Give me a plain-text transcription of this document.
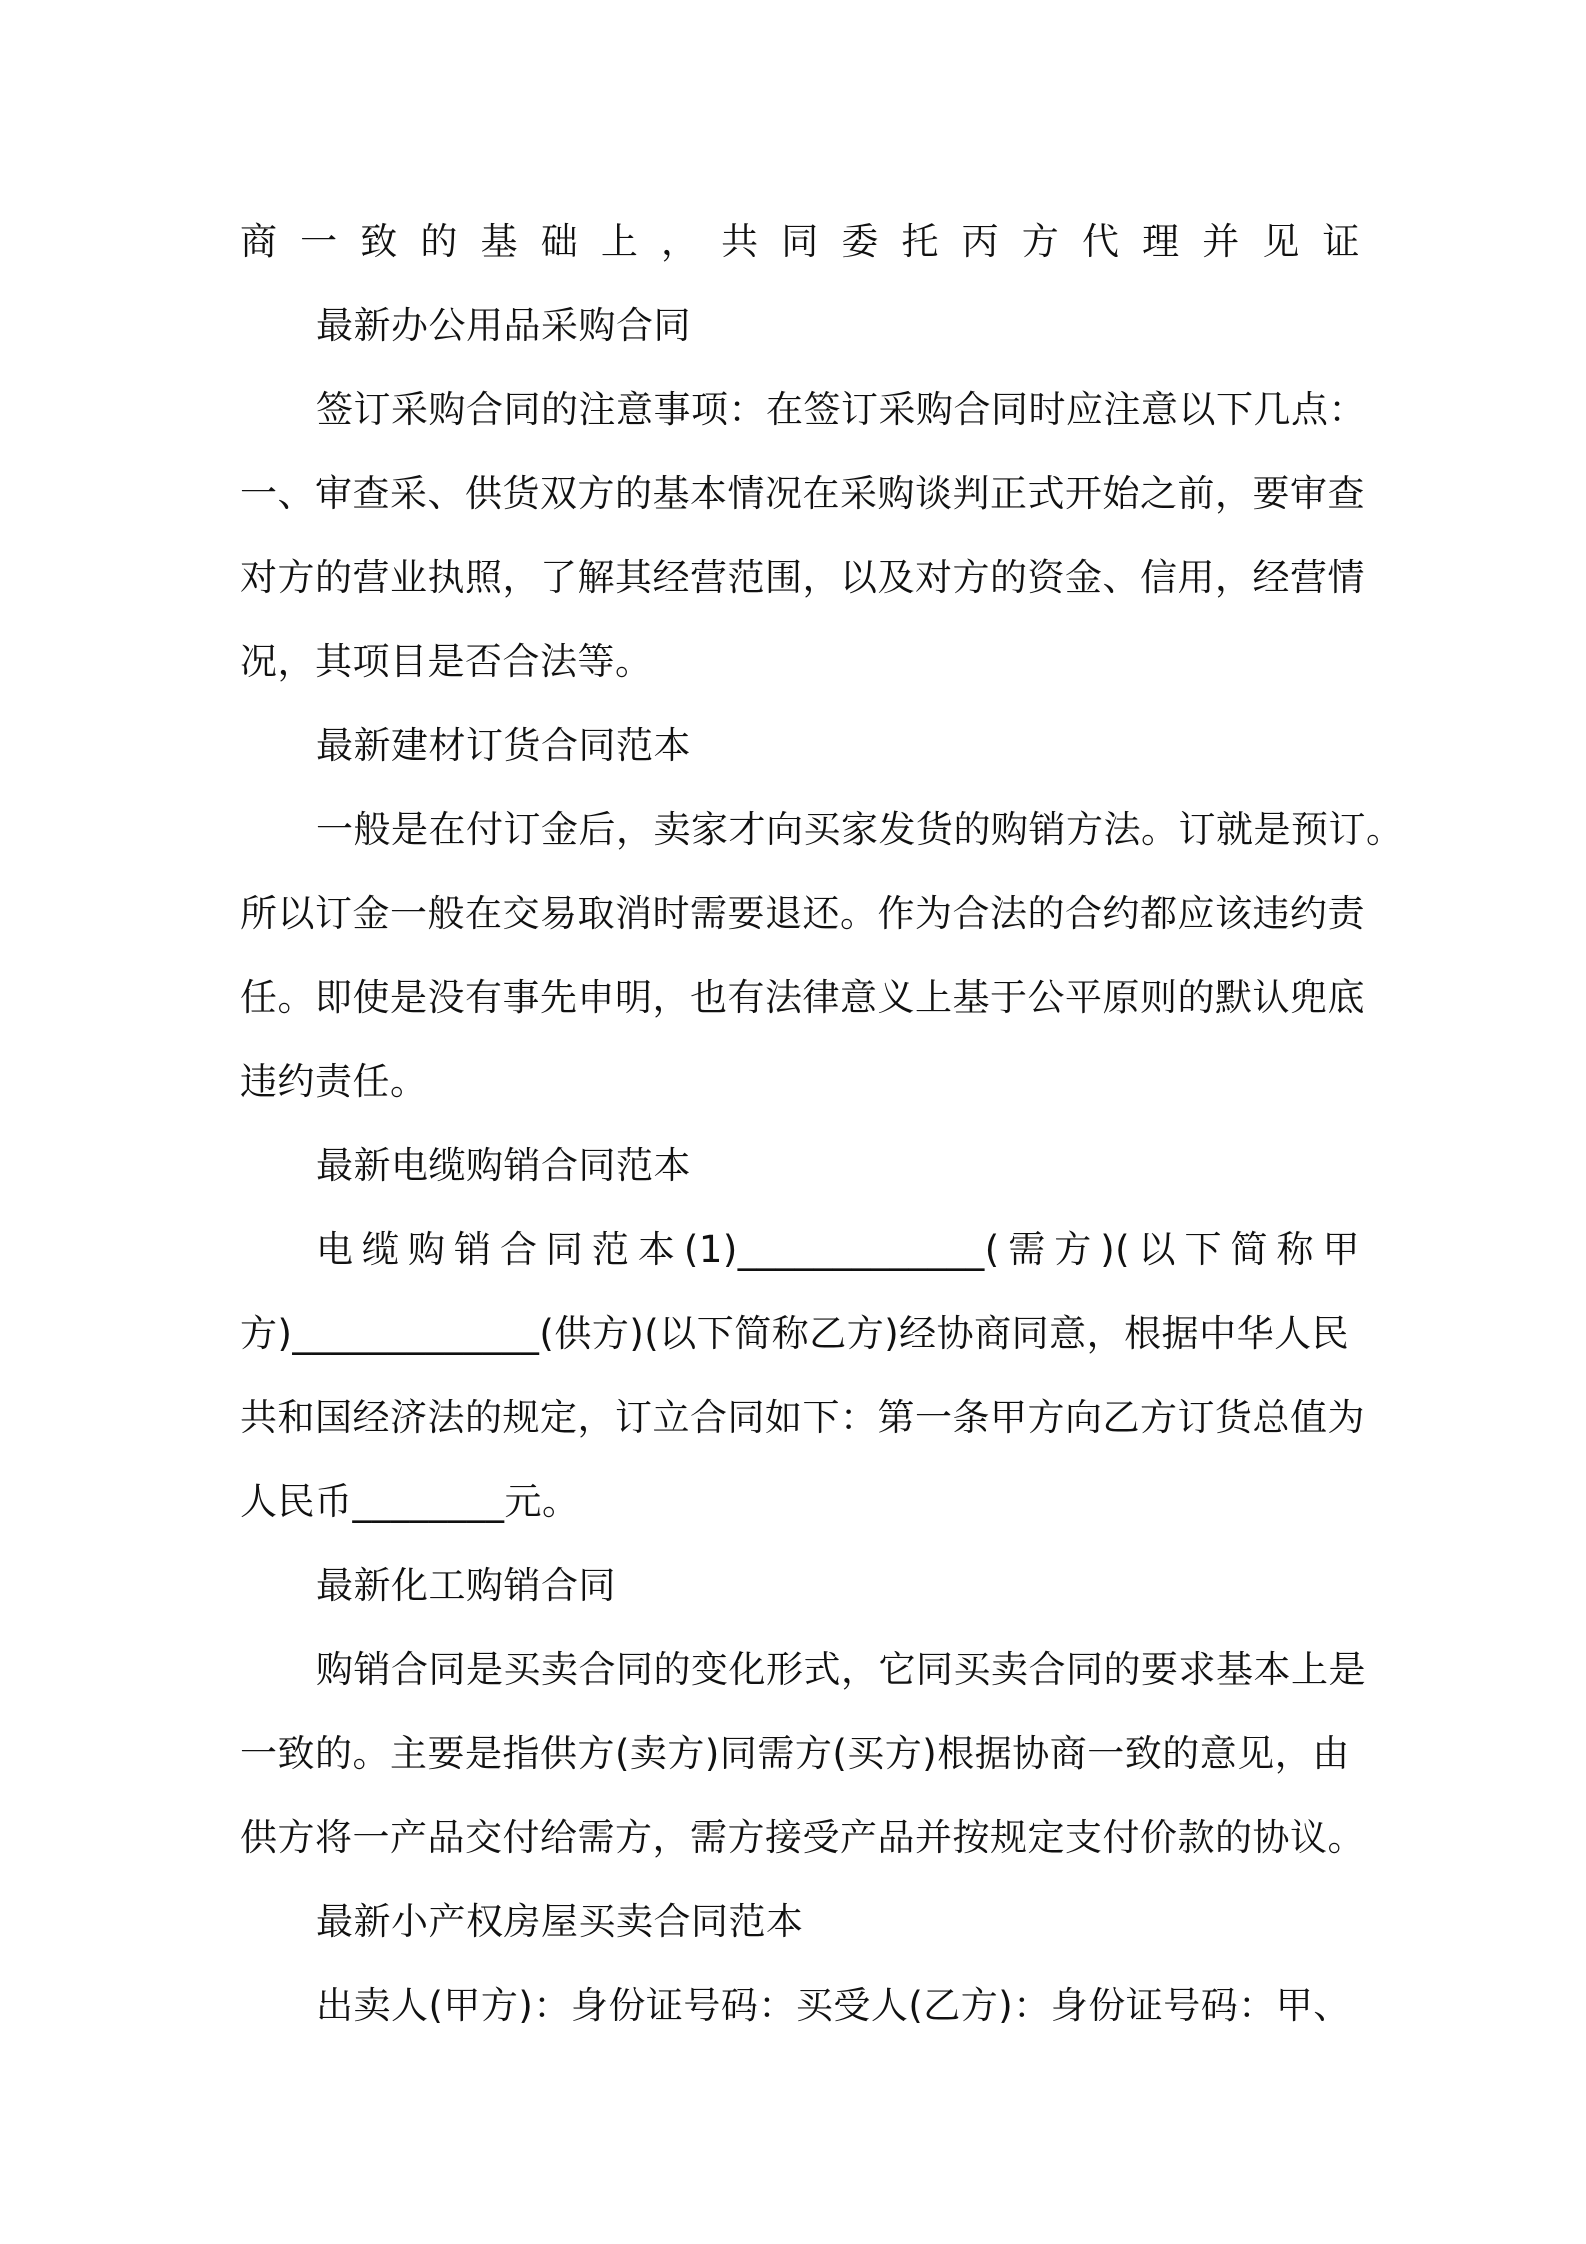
商一致的基础上，共同委托丙方代理并见证
最新办公用品采购合同
签订采购合同的注意事项：在签订采购合同时应注意以下几点：
一、审查采、供货双方的基本情况在采购谈判正式开始之前，要审查
对方的营业执照，了解其经营范围，以及对方的资金、信用，经营情
况，其项目是否合法等。
最新建材订货合同范本
一般是在付订金后，卖家才向买家发货的购销方法。订就是预订。
所以订金一般在交易取消时需要退还。作为合法的合约都应该违约责
任。即使是没有事先申明，也有法律意义上基于公平原则的默认兜底
违约责任。
最新电缆购销合同范本
电缆购销合同范本(1)_____________(需方)(以下简称甲
方)_____________(供方)(以下简称乙方)经协商同意，根据中华人民
共和国经济法的规定，订立合同如下：第一条甲方向乙方订货总值为
人民币________元。
最新化工购销合同
购销合同是买卖合同的变化形式，它同买卖合同的要求基本上是
一致的。主要是指供方(卖方)同需方(买方)根据协商一致的意见，由
供方将一产品交付给需方，需方接受产品并按规定支付价款的协议。
最新小产权房屋买卖合同范本
出卖人(甲方)：身份证号码：买受人(乙方)：身份证号码：甲、
